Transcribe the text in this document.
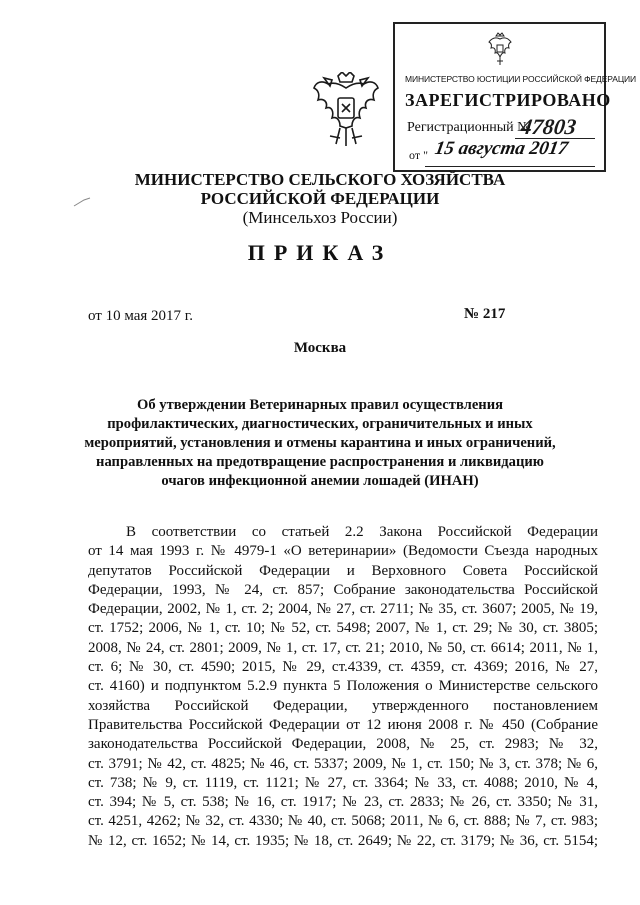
МИНИСТЕРСТВО ЮСТИЦИИ РОССИЙСКОЙ ФЕДЕРАЦИИ
ЗАРЕГИСТРИРОВАНО
Регистрационный №
47803
от " 15 августа 2017
МИНИСТЕРСТВО СЕЛЬСКОГО ХОЗЯЙСТВА
РОССИЙСКОЙ ФЕДЕРАЦИИ
(Минсельхоз России)
ПРИКАЗ
от 10 мая 2017 г.	№ 217
Москва
Об утверждении Ветеринарных правил осуществления
профилактических, диагностических, ограничительных и иных
мероприятий, установления и отмены карантина и иных ограничений,
направленных на предотвращение распространения и ликвидацию
очагов инфекционной анемии лошадей (ИНАН)
В соответствии со статьей 2.2 Закона Российской Федерации
от 14 мая 1993 г. № 4979-1 «О ветеринарии» (Ведомости Съезда народных
депутатов Российской Федерации и Верховного Совета Российской
Федерации, 1993, № 24, ст. 857; Собрание законодательства Российской
Федерации, 2002, № 1, ст. 2; 2004, № 27, ст. 2711; № 35, ст. 3607; 2005, № 19,
ст. 1752; 2006, № 1, ст. 10; № 52, ст. 5498; 2007, № 1, ст. 29; № 30, ст. 3805;
2008, № 24, ст. 2801; 2009, № 1, ст. 17, ст. 21; 2010, № 50, ст. 6614; 2011, № 1,
ст. 6; № 30, ст. 4590; 2015, № 29, ст.4339, ст. 4359, ст. 4369; 2016, № 27,
ст. 4160) и подпунктом 5.2.9 пункта 5 Положения о Министерстве сельского
хозяйства Российской Федерации, утвержденного постановлением
Правительства Российской Федерации от 12 июня 2008 г. № 450 (Собрание
законодательства Российской Федерации, 2008, № 25, ст. 2983; № 32,
ст. 3791; № 42, ст. 4825; № 46, ст. 5337; 2009, № 1, ст. 150; № 3, ст. 378; № 6,
ст. 738; № 9, ст. 1119, ст. 1121; № 27, ст. 3364; № 33, ст. 4088; 2010, № 4,
ст. 394; № 5, ст. 538; № 16, ст. 1917; № 23, ст. 2833; № 26, ст. 3350; № 31,
ст. 4251, 4262; № 32, ст. 4330; № 40, ст. 5068; 2011, № 6, ст. 888; № 7, ст. 983;
№ 12, ст. 1652; № 14, ст. 1935; № 18, ст. 2649; № 22, ст. 3179; № 36, ст. 5154;
